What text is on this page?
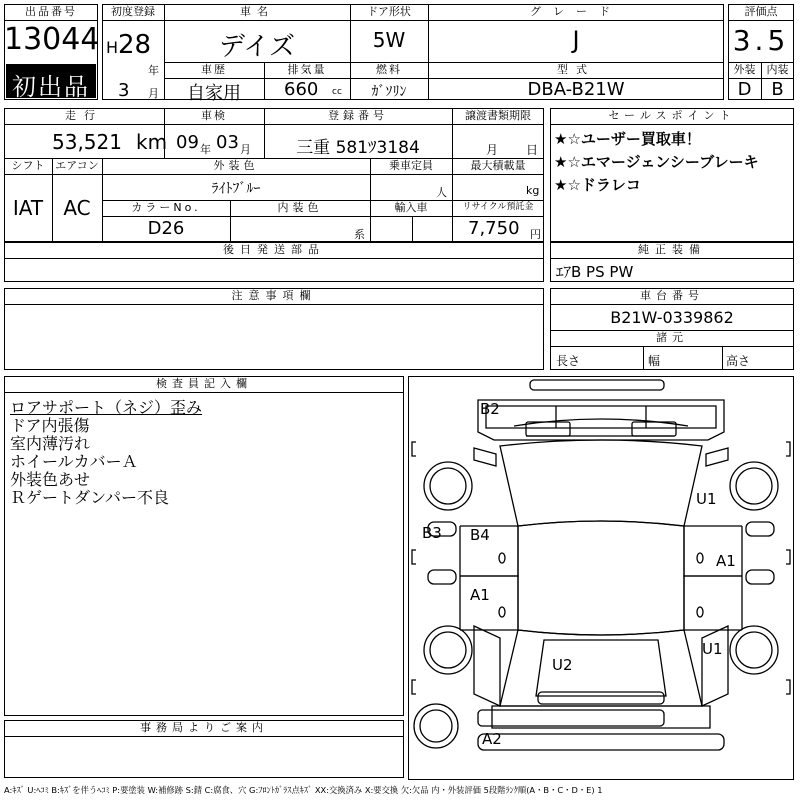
出品番号
13044
初出品
初度登録
H 28
年
3 月
車名
デイズ
ドア形状
5W
グレード
J
車歴
自家用
排気量
660 cc
燃料
ｶﾞｿﾘﾝ
型式
DBA-B21W
評価点
3.5
外装
D
内装
B
走行
53,521 km
車検
09 年 03 月
登録番号
三重 581ﾂ3184
譲渡書類期限
月 日
シフト
IAT
エアコン
AC
外装色
ﾗｲﾄﾌﾞﾙｰ
乗車定員
人
最大積載量
kg
カラーNo.
D26
内装色
系
輸入車	リサイクル預託金
7,750 円
後日発送部品
セールスポイント
★☆ユーザー買取車！
★☆エマージェンシーブレーキ
★☆ドラレコ
純正装備
ｴｱB PS PW
注意事項欄	車台番号
B21W-0339862
諸元
長さ	幅	高さ
検査員記入欄
ロアサポート（ネジ）歪み
ドア内張傷
室内薄汚れ
ホイールカバーＡ
外装色あせ
Ｒゲートダンパー不良
事務局よりご案内
B2
U1
B3 B4
A1
A1
U1
U2
A2
A:ｷｽﾞ U:ﾍｺﾐ B:ｷｽﾞを伴うﾍｺﾐ P:要塗装 W:補修跡 S:錆 C:腐食、穴 G:ﾌﾛﾝﾄｶﾞﾗｽ点ｷｽﾞ XX:交換済み X:要交換 欠:欠品 内・外装評価 5段階ﾗﾝｸ順(A・B・C・D・E) 1
